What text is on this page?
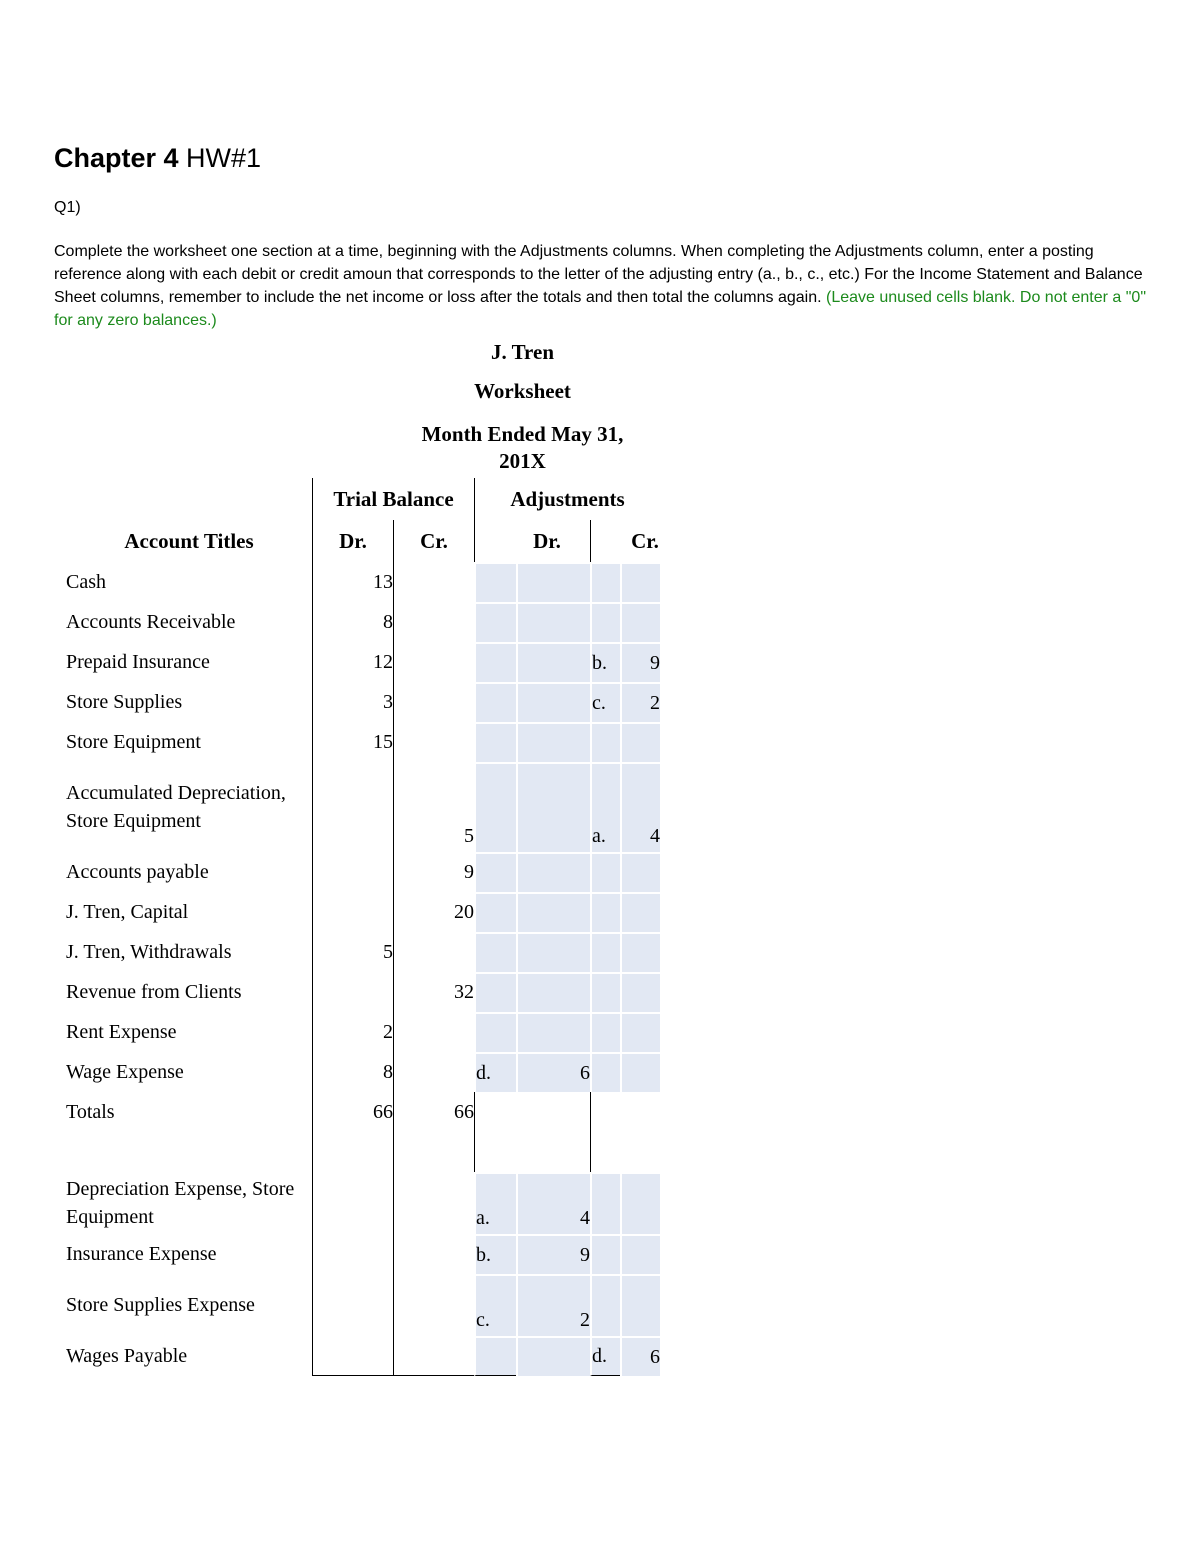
Chapter 4 HW#1
Q1)

Complete the worksheet one section at a time, beginning with the Adjustments columns. When completing the Adjustments column, enter a posting reference along with each debit or credit amoun that corresponds to the letter of the adjusting entry (a., b., c., etc.) For the Income Statement and Balance Sheet columns, remember to include the net income or loss after the totals and then total the columns again. (Leave unused cells blank. Do not enter a "0" for any zero balances.)

J. Tren
Worksheet
Month Ended May 31,
201X
	Trial Balance		Adjustments			
Account Titles	Dr.	Cr.	Dr.		Cr.	
Cash	13					
Accounts Receivable	8					
Prepaid Insurance	12				b.	9
Store Supplies	3				c.	2
Store Equipment	15					
Accumulated Depreciation, Store Equipment		5			a.	4
Accounts payable		9				
J. Tren, Capital		20				
J. Tren, Withdrawals	5					
Revenue from Clients		32				
Rent Expense	2					
Wage Expense	8		d.	6		
Totals	66	66				

Depreciation Expense, Store Equipment			a.	4		
Insurance Expense			b.	9		
Store Supplies Expense			c.	2		
Wages Payable					d.	6
